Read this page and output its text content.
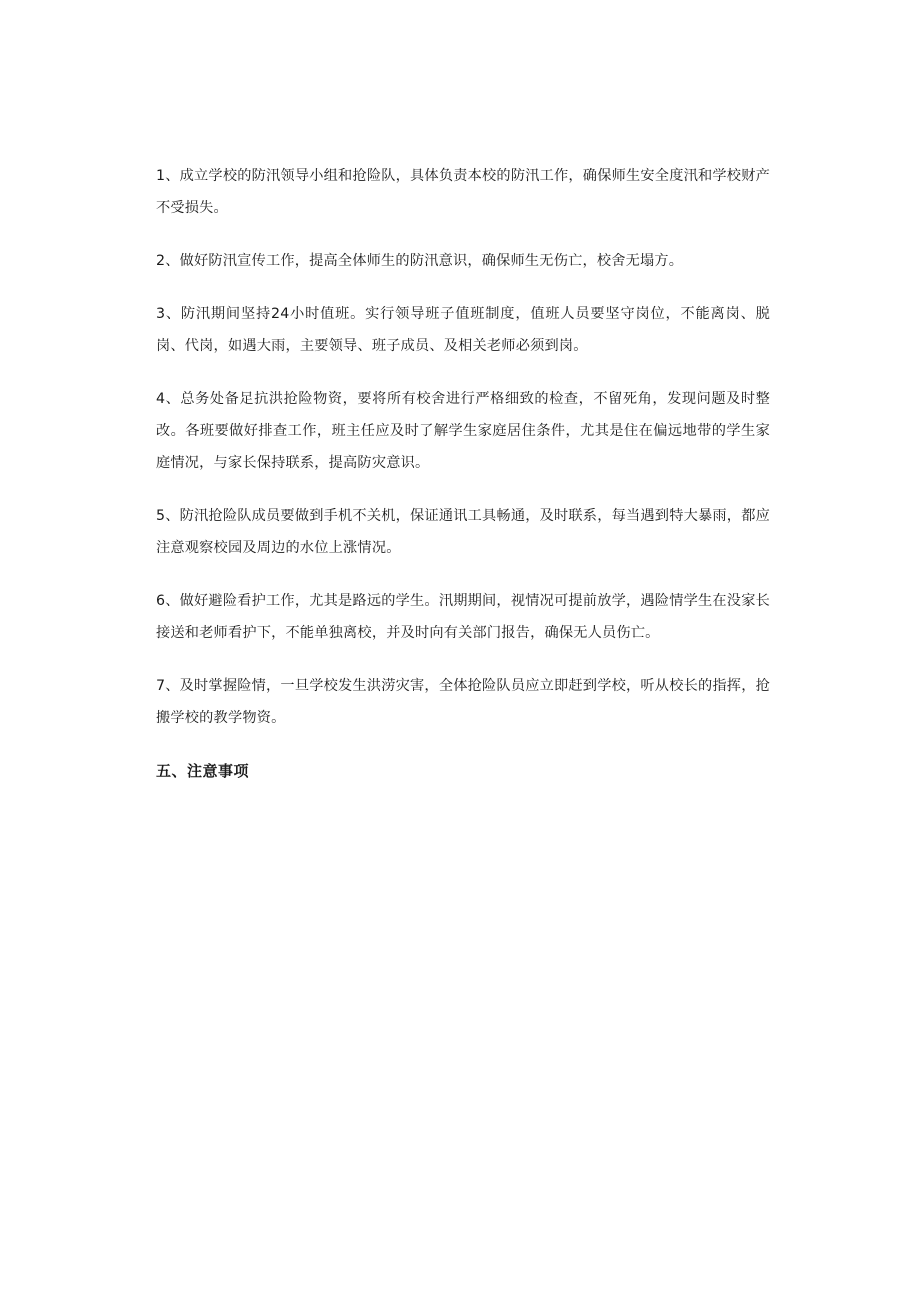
1、成立学校的防汛领导小组和抢险队，具体负责本校的防汛工作，确保师生安全度汛和学校财产不受损失。

2、做好防汛宣传工作，提高全体师生的防汛意识，确保师生无伤亡，校舍无塌方。

3、防汛期间坚持24小时值班。实行领导班子值班制度，值班人员要坚守岗位，不能离岗、脱岗、代岗，如遇大雨，主要领导、班子成员、及相关老师必须到岗。

4、总务处备足抗洪抢险物资，要将所有校舍进行严格细致的检查，不留死角，发现问题及时整改。各班要做好排查工作，班主任应及时了解学生家庭居住条件，尤其是住在偏远地带的学生家庭情况，与家长保持联系，提高防灾意识。

5、防汛抢险队成员要做到手机不关机，保证通讯工具畅通，及时联系，每当遇到特大暴雨，都应注意观察校园及周边的水位上涨情况。

6、做好避险看护工作，尤其是路远的学生。汛期期间，视情况可提前放学，遇险情学生在没家长接送和老师看护下，不能单独离校，并及时向有关部门报告，确保无人员伤亡。

7、及时掌握险情，一旦学校发生洪涝灾害，全体抢险队员应立即赶到学校，听从校长的指挥，抢搬学校的教学物资。

五、注意事项
